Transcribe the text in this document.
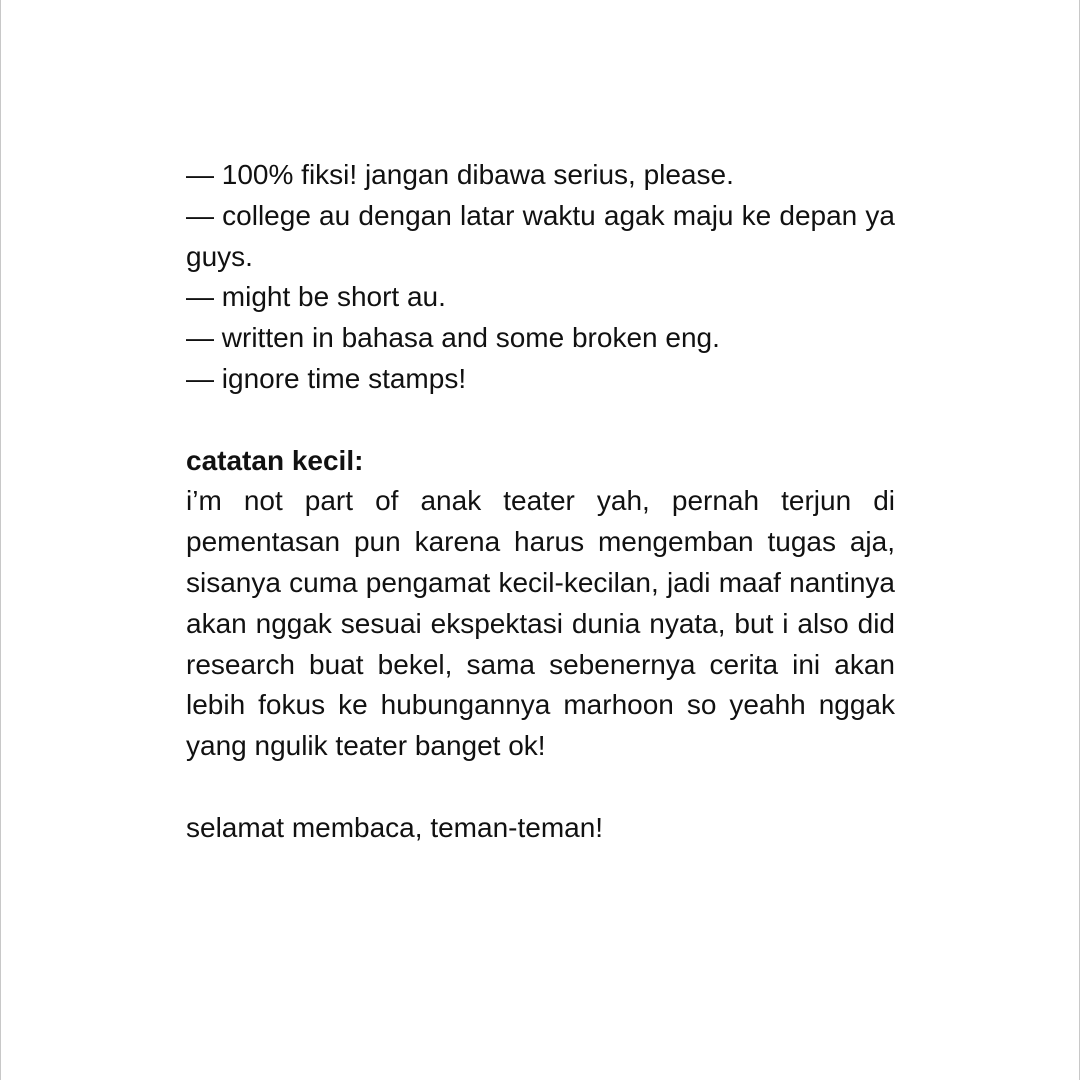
— 100% fiksi! jangan dibawa serius, please.

— college au dengan latar waktu agak maju ke depan ya guys.

— might be short au.

— written in bahasa and some broken eng.

— ignore time stamps!

catatan kecil:

i’m not part of anak teater yah, pernah terjun di pementasan pun karena harus mengemban tugas aja, sisanya cuma pengamat kecil-kecilan, jadi maaf nantinya akan nggak sesuai ekspektasi dunia nyata, but i also did research buat bekel, sama sebenernya cerita ini akan lebih fokus ke hubungannya marhoon so yeahh nggak yang ngulik teater banget ok!

selamat membaca, teman-teman!
